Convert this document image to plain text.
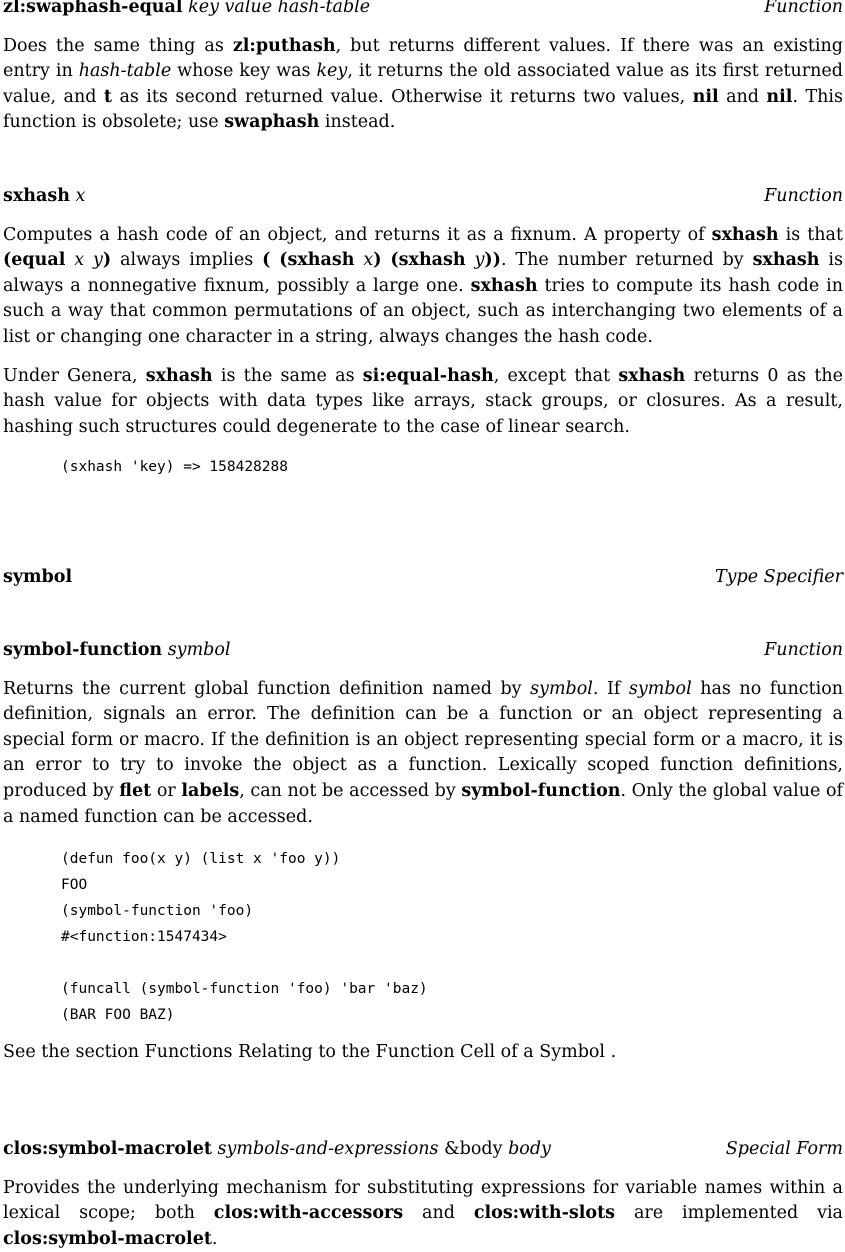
zl:swaphash-equal key value hash-table	Function

Does the same thing as zl:puthash, but returns different values. If there was an existing entry in hash-table whose key was key, it returns the old associated value as its first returned value, and t as its second returned value. Otherwise it returns two values, nil and nil. This function is obsolete; use swaphash instead.

sxhash x	Function

Computes a hash code of an object, and returns it as a fixnum. A property of sxhash is that (equal x y) always implies ( (sxhash x) (sxhash y)). The number returned by sxhash is always a nonnegative fixnum, possibly a large one. sxhash tries to compute its hash code in such a way that common permutations of an object, such as interchanging two elements of a list or changing one character in a string, always changes the hash code.

Under Genera, sxhash is the same as si:equal-hash, except that sxhash returns 0 as the hash value for objects with data types like arrays, stack groups, or closures. As a result, hashing such structures could degenerate to the case of linear search.

(sxhash 'key) => 158428288
symbol	Type Specifier
symbol-function symbol	Function

Returns the current global function definition named by symbol. If symbol has no function definition, signals an error. The definition can be a function or an object representing a special form or macro. If the definition is an object representing special form or a macro, it is an error to try to invoke the object as a function. Lexically scoped function definitions, produced by flet or labels, can not be accessed by symbol-function. Only the global value of a named function can be accessed.

(defun foo(x y) (list x 'foo y))
FOO
(symbol-function 'foo)
#<function:1547434>

(funcall (symbol-function 'foo) 'bar 'baz)
(BAR FOO BAZ)

See the section Functions Relating to the Function Cell of a Symbol .

clos:symbol-macrolet symbols-and-expressions &body body	Special Form

Provides the underlying mechanism for substituting expressions for variable names within a lexical scope; both clos:with-accessors and clos:with-slots are implemented via clos:symbol-macrolet.
